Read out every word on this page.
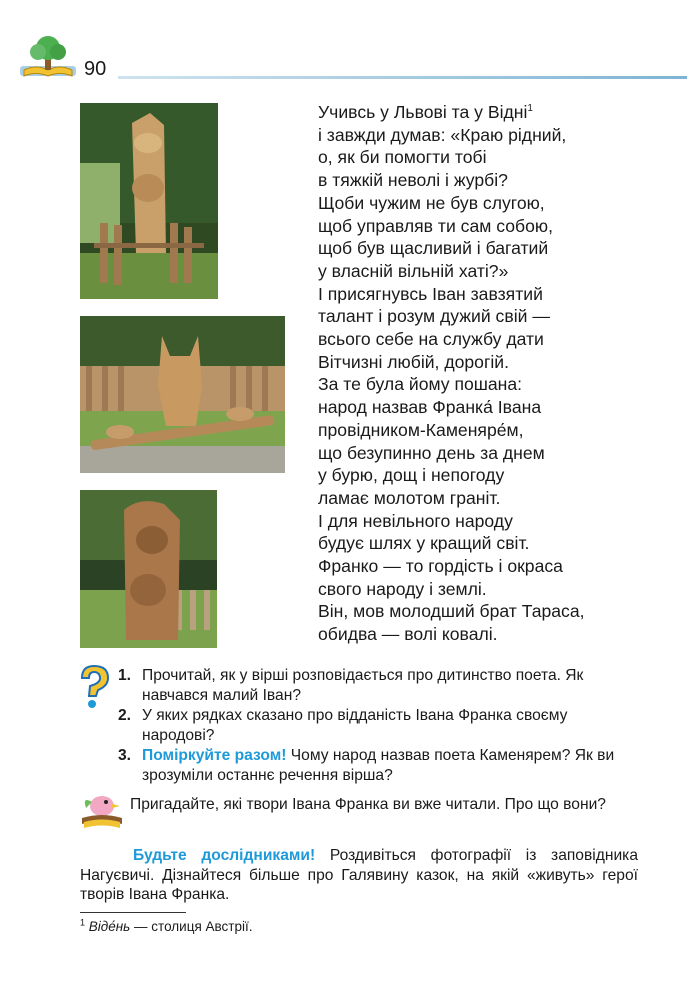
90
Учивсь у Львові та у Відні$^1$
і завжди думав: «Краю рідний,
о, як би помогти тобі
в тяжкій неволі і журбі?
Щоби чужим не був слугою,
щоб управляв ти сам собою,
щоб був щасливий і багатий
у власній вільній хаті?»
І присягнувсь Іван завзятий
талант і розум дужий свій —
всього себе на службу дати
Вітчизні любій, дорогій.
За те була йому пошана:
народ назвав Франка́ Івана
провідником-Каменяре́м,
що безупинно день за днем
у бурю, дощ і непогоду
ламає молотом граніт.
І для невільного народу
будує шлях у кращий світ.
Франко — то гордість і окраса
свого народу і землі.
Він, мов молодший брат Тараса,
обидва — волі ковалі.
1. Прочитай, як у вірші розповідається про дитинство поета. Як навчався малий Іван?
2. У яких рядках сказано про відданість Івана Франка своєму народові?
3. Поміркуйте разом! Чому народ назвав поета Каменярем? Як ви зрозуміли останнє речення вірша?
Пригадайте, які твори Івана Франка ви вже читали. Про що вони?
Будьте дослідниками! Роздивіться фотографії із заповідника Нагуєвичі. Дізнайтеся більше про Галявину казок, на якій «живуть» герої творів Івана Франка.
$^1$ Віде́нь — столиця Австрії.
